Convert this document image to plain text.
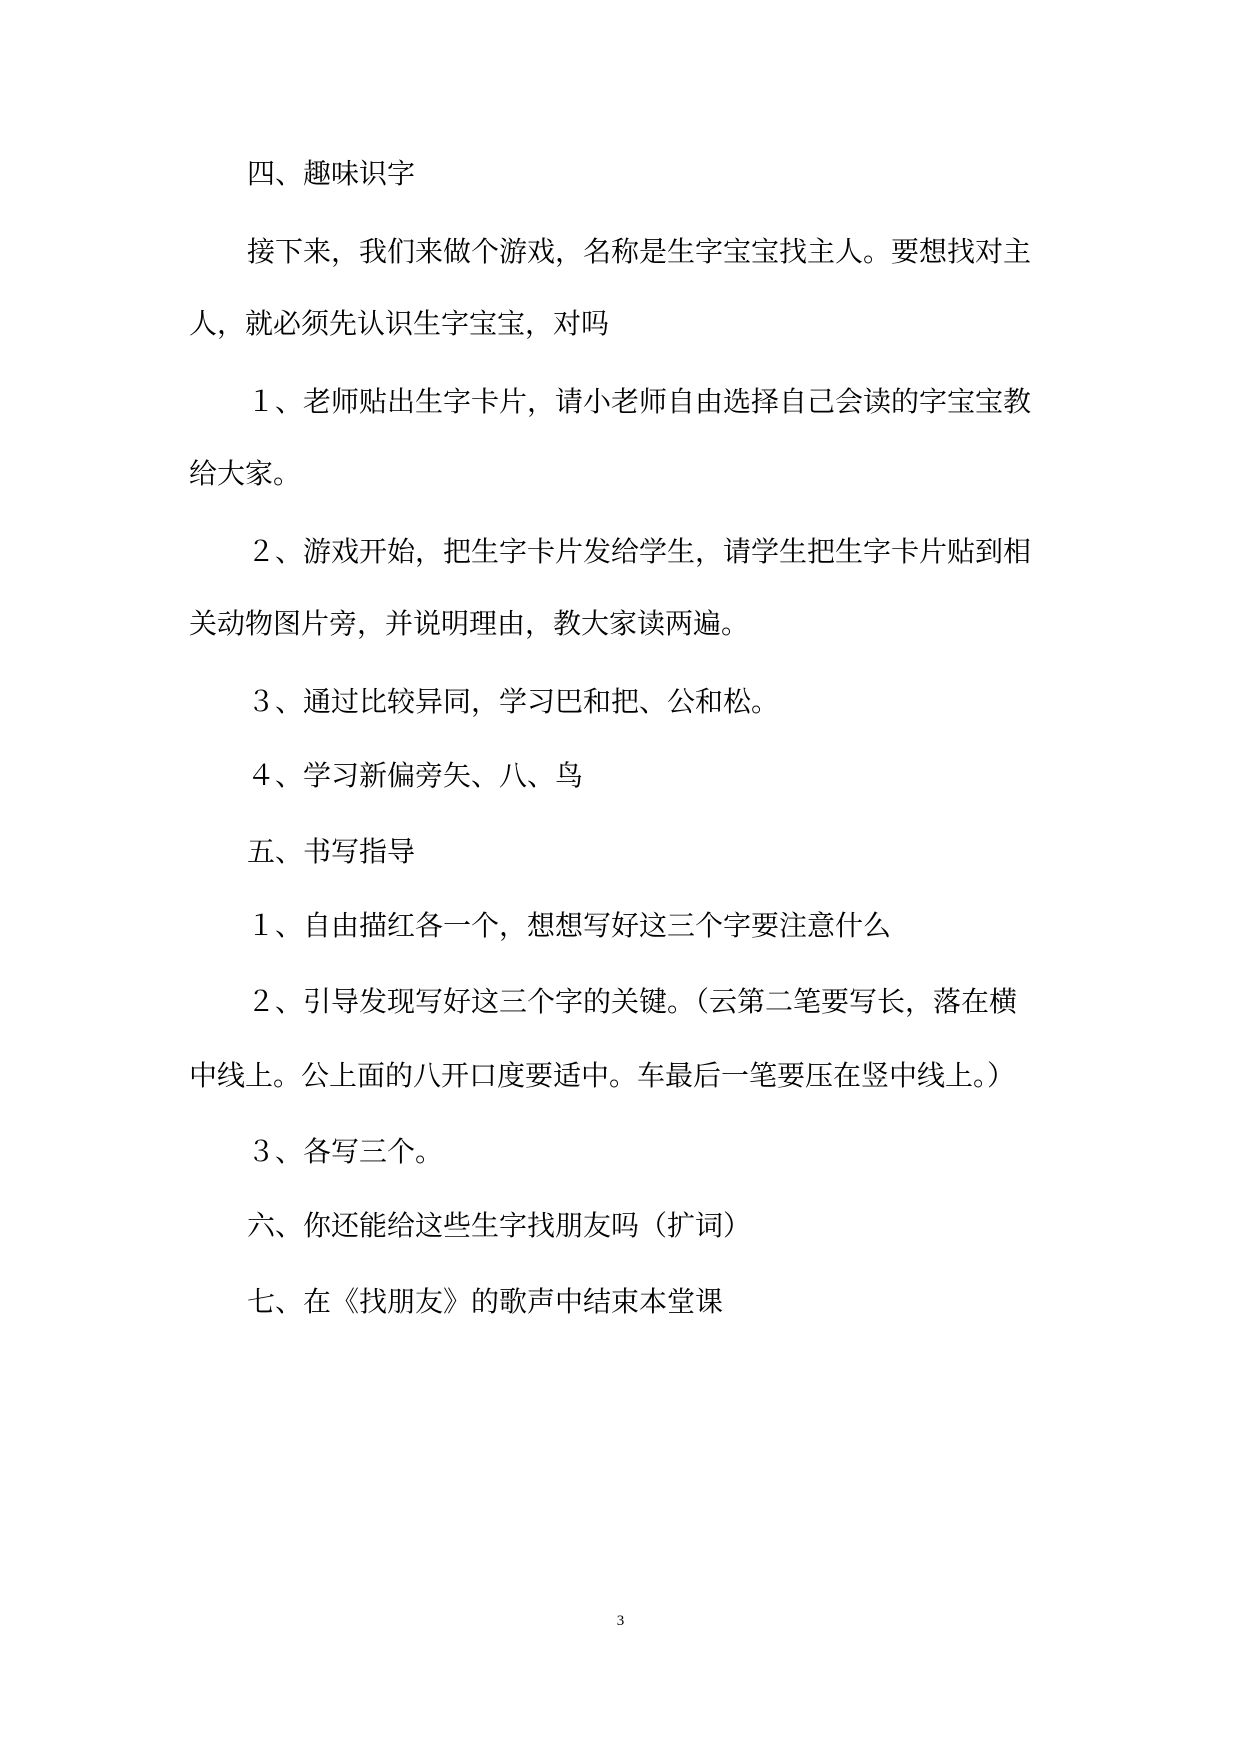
四、趣味识字
接下来，我们来做个游戏，名称是生字宝宝找主人。要想找对主
人，就必须先认识生字宝宝，对吗
１、老师贴出生字卡片，请小老师自由选择自己会读的字宝宝教
给大家。
２、游戏开始，把生字卡片发给学生，请学生把生字卡片贴到相
关动物图片旁，并说明理由，教大家读两遍。
３、通过比较异同，学习巴和把、公和松。
４、学习新偏旁矢、八、鸟
五、书写指导
１、自由描红各一个，想想写好这三个字要注意什么
２、引导发现写好这三个字的关键。（云第二笔要写长，落在横
中线上。公上面的八开口度要适中。车最后一笔要压在竖中线上。）
３、各写三个。
六、你还能给这些生字找朋友吗（扩词）
七、在《找朋友》的歌声中结束本堂课
3
